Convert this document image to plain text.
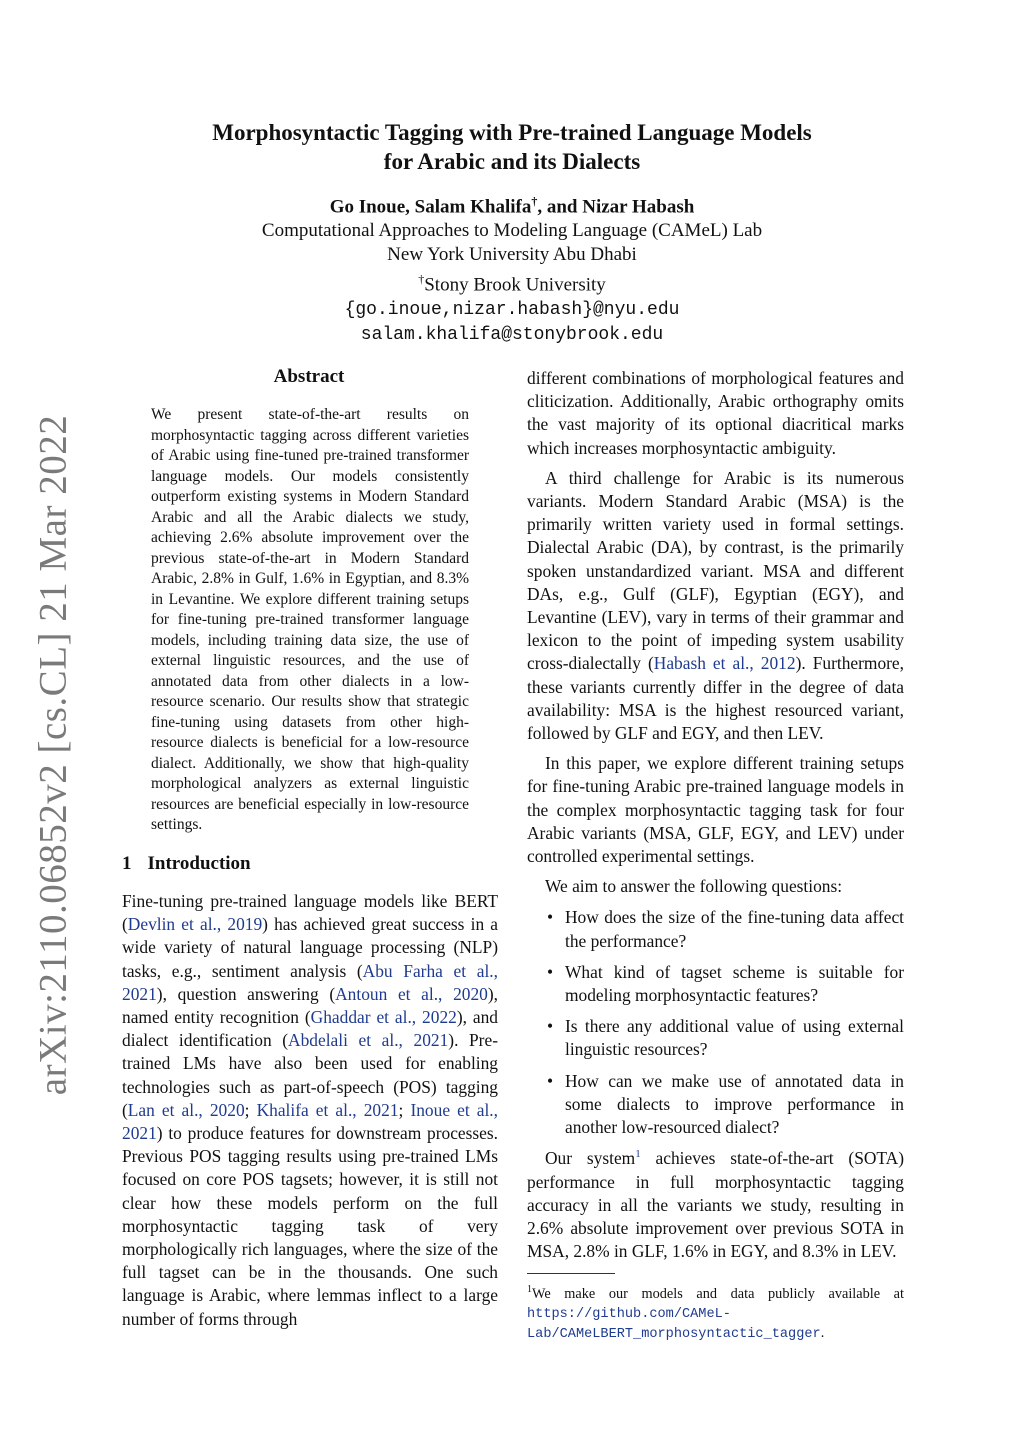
arXiv:2110.06852v2 [cs.CL] 21 Mar 2022
Morphosyntactic Tagging with Pre-trained Language Models
for Arabic and its Dialects
Go Inoue, Salam Khalifa†, and Nizar Habash
Computational Approaches to Modeling Language (CAMeL) Lab
New York University Abu Dhabi
†Stony Brook University
{go.inoue,nizar.habash}@nyu.edu
salam.khalifa@stonybrook.edu
Abstract
We present state-of-the-art results on morphosyntactic tagging across different varieties of Arabic using fine-tuned pre-trained transformer language models. Our models consistently outperform existing systems in Modern Standard Arabic and all the Arabic dialects we study, achieving 2.6% absolute improvement over the previous state-of-the-art in Modern Standard Arabic, 2.8% in Gulf, 1.6% in Egyptian, and 8.3% in Levantine. We explore different training setups for fine-tuning pre-trained transformer language models, including training data size, the use of external linguistic resources, and the use of annotated data from other dialects in a low-resource scenario. Our results show that strategic fine-tuning using datasets from other high-resource dialects is beneficial for a low-resource dialect. Additionally, we show that high-quality morphological analyzers as external linguistic resources are beneficial especially in low-resource settings.
1 Introduction

Fine-tuning pre-trained language models like BERT (Devlin et al., 2019) has achieved great success in a wide variety of natural language processing (NLP) tasks, e.g., sentiment analysis (Abu Farha et al., 2021), question answering (Antoun et al., 2020), named entity recognition (Ghaddar et al., 2022), and dialect identification (Abdelali et al., 2021). Pre-trained LMs have also been used for enabling technologies such as part-of-speech (POS) tagging (Lan et al., 2020; Khalifa et al., 2021; Inoue et al., 2021) to produce features for downstream processes. Previous POS tagging results using pre-trained LMs focused on core POS tagsets; however, it is still not clear how these models perform on the full morphosyntactic tagging task of very morphologically rich languages, where the size of the full tagset can be in the thousands. One such language is Arabic, where lemmas inflect to a large number of forms through

different combinations of morphological features and cliticization. Additionally, Arabic orthography omits the vast majority of its optional diacritical marks which increases morphosyntactic ambiguity.

A third challenge for Arabic is its numerous variants. Modern Standard Arabic (MSA) is the primarily written variety used in formal settings. Dialectal Arabic (DA), by contrast, is the primarily spoken unstandardized variant. MSA and different DAs, e.g., Gulf (GLF), Egyptian (EGY), and Levantine (LEV), vary in terms of their grammar and lexicon to the point of impeding system usability cross-dialectally (Habash et al., 2012). Furthermore, these variants currently differ in the degree of data availability: MSA is the highest resourced variant, followed by GLF and EGY, and then LEV.

In this paper, we explore different training setups for fine-tuning Arabic pre-trained language models in the complex morphosyntactic tagging task for four Arabic variants (MSA, GLF, EGY, and LEV) under controlled experimental settings.

We aim to answer the following questions:

• How does the size of the fine-tuning data affect the performance?
• What kind of tagset scheme is suitable for modeling morphosyntactic features?
• Is there any additional value of using external linguistic resources?
• How can we make use of annotated data in some dialects to improve performance in another low-resourced dialect?

Our system$^1$ achieves state-of-the-art (SOTA) performance in full morphosyntactic tagging accuracy in all the variants we study, resulting in 2.6% absolute improvement over previous SOTA in MSA, 2.8% in GLF, 1.6% in EGY, and 8.3% in LEV.

$^1$We make our models and data publicly available at https://github.com/CAMeL-Lab/CAMeLBERT_morphosyntactic_tagger.
